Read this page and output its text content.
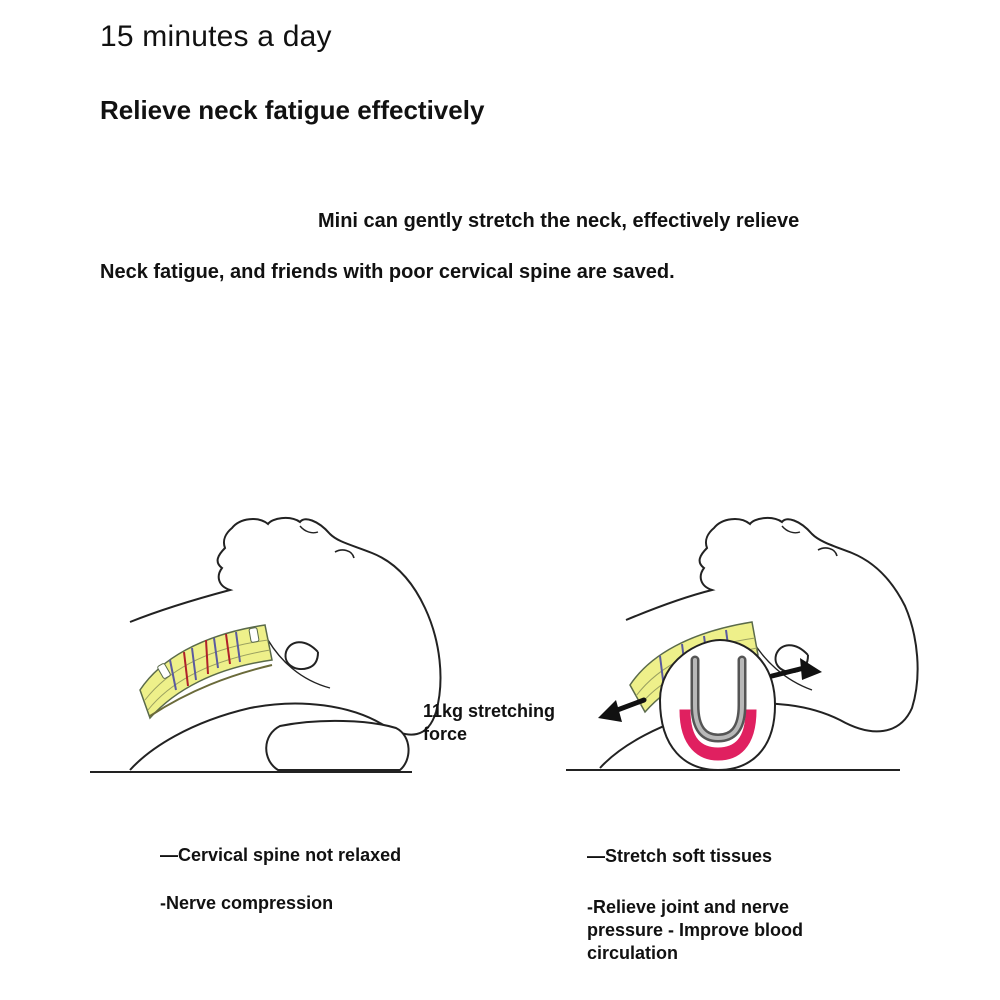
15 minutes a day
Relieve neck fatigue effectively
Mini can gently stretch the neck, effectively relieve
Neck fatigue, and friends with poor cervical spine are saved.
11kg stretching
force
—Cervical spine not relaxed
-Nerve compression
—Stretch soft tissues
-Relieve joint and nerve pressure - Improve blood circulation
